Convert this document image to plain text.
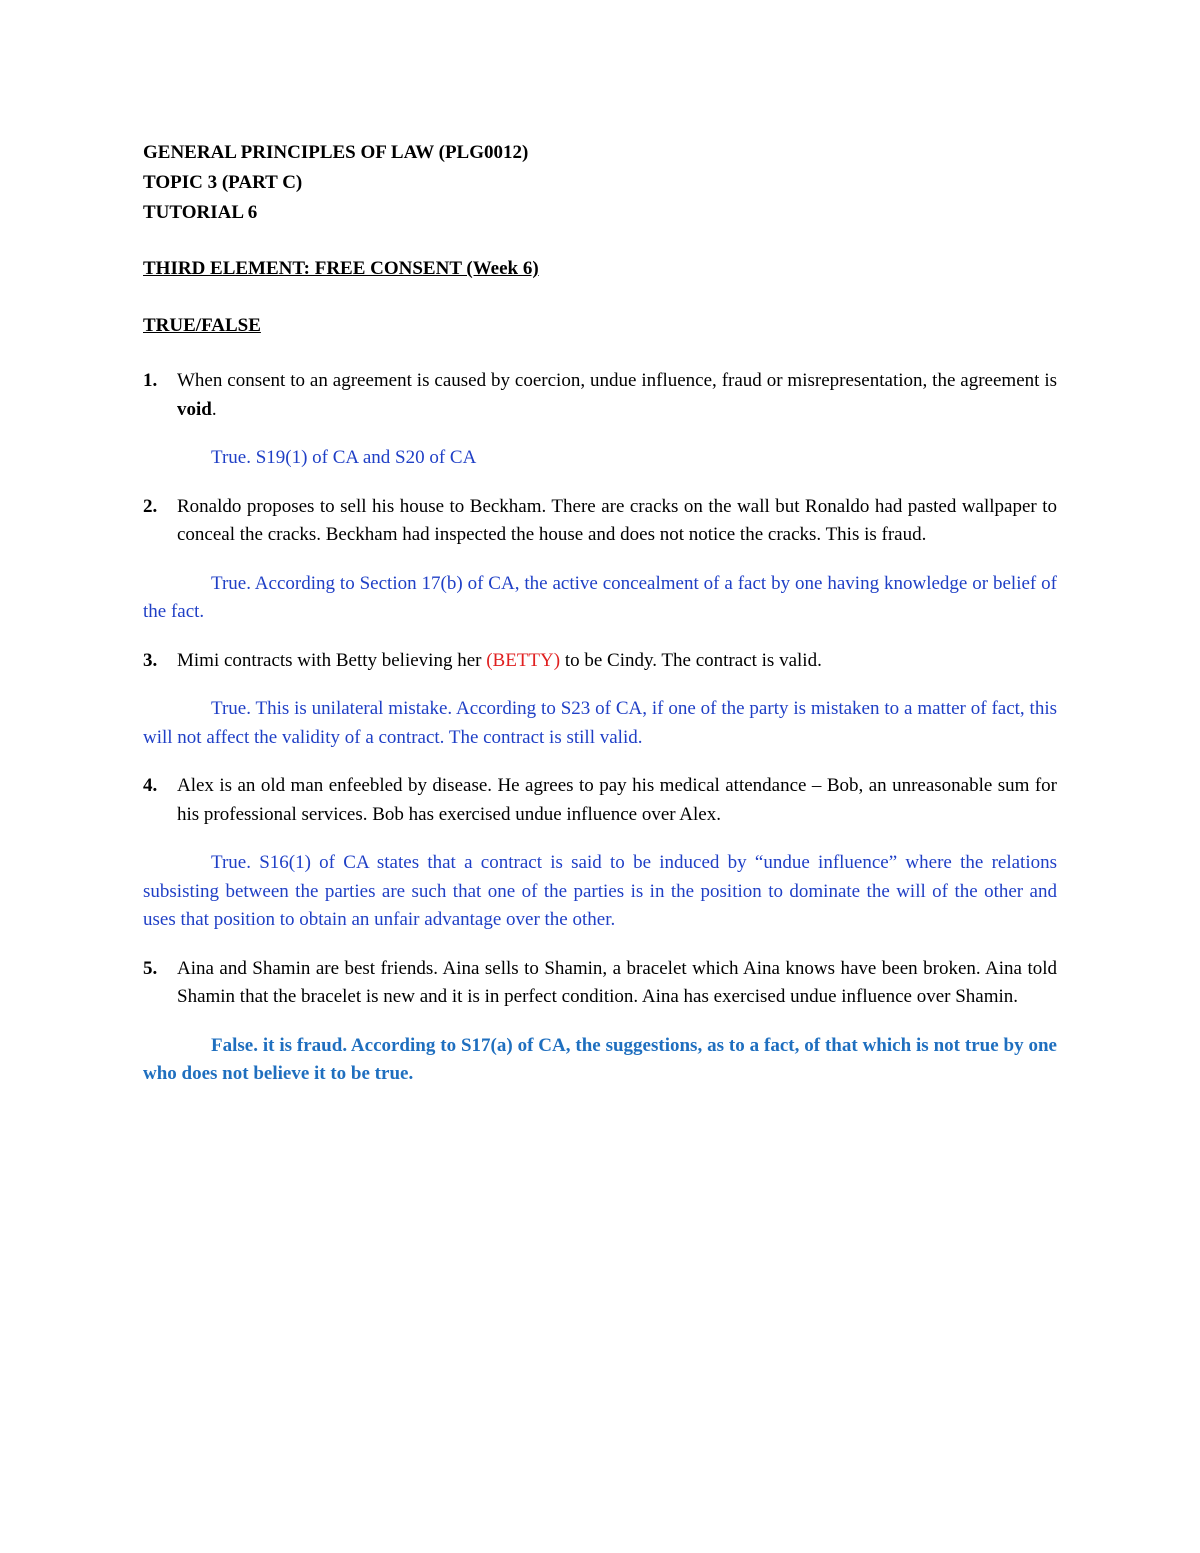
GENERAL PRINCIPLES OF LAW (PLG0012)
TOPIC 3 (PART C)
TUTORIAL 6
THIRD ELEMENT: FREE CONSENT (Week 6)
TRUE/FALSE
1. When consent to an agreement is caused by coercion, undue influence, fraud or misrepresentation, the agreement is void.
True. S19(1) of CA and S20 of CA
2. Ronaldo proposes to sell his house to Beckham. There are cracks on the wall but Ronaldo had pasted wallpaper to conceal the cracks. Beckham had inspected the house and does not notice the cracks. This is fraud.
True. According to Section 17(b) of CA, the active concealment of a fact by one having knowledge or belief of the fact.
3. Mimi contracts with Betty believing her (BETTY) to be Cindy. The contract is valid.
True. This is unilateral mistake. According to S23 of CA, if one of the party is mistaken to a matter of fact, this will not affect the validity of a contract. The contract is still valid.
4. Alex is an old man enfeebled by disease. He agrees to pay his medical attendance – Bob, an unreasonable sum for his professional services. Bob has exercised undue influence over Alex.
True. S16(1) of CA states that a contract is said to be induced by “undue influence” where the relations subsisting between the parties are such that one of the parties is in the position to dominate the will of the other and uses that position to obtain an unfair advantage over the other.
5. Aina and Shamin are best friends. Aina sells to Shamin, a bracelet which Aina knows have been broken. Aina told Shamin that the bracelet is new and it is in perfect condition. Aina has exercised undue influence over Shamin.
False. it is fraud. According to S17(a) of CA, the suggestions, as to a fact, of that which is not true by one who does not believe it to be true.
